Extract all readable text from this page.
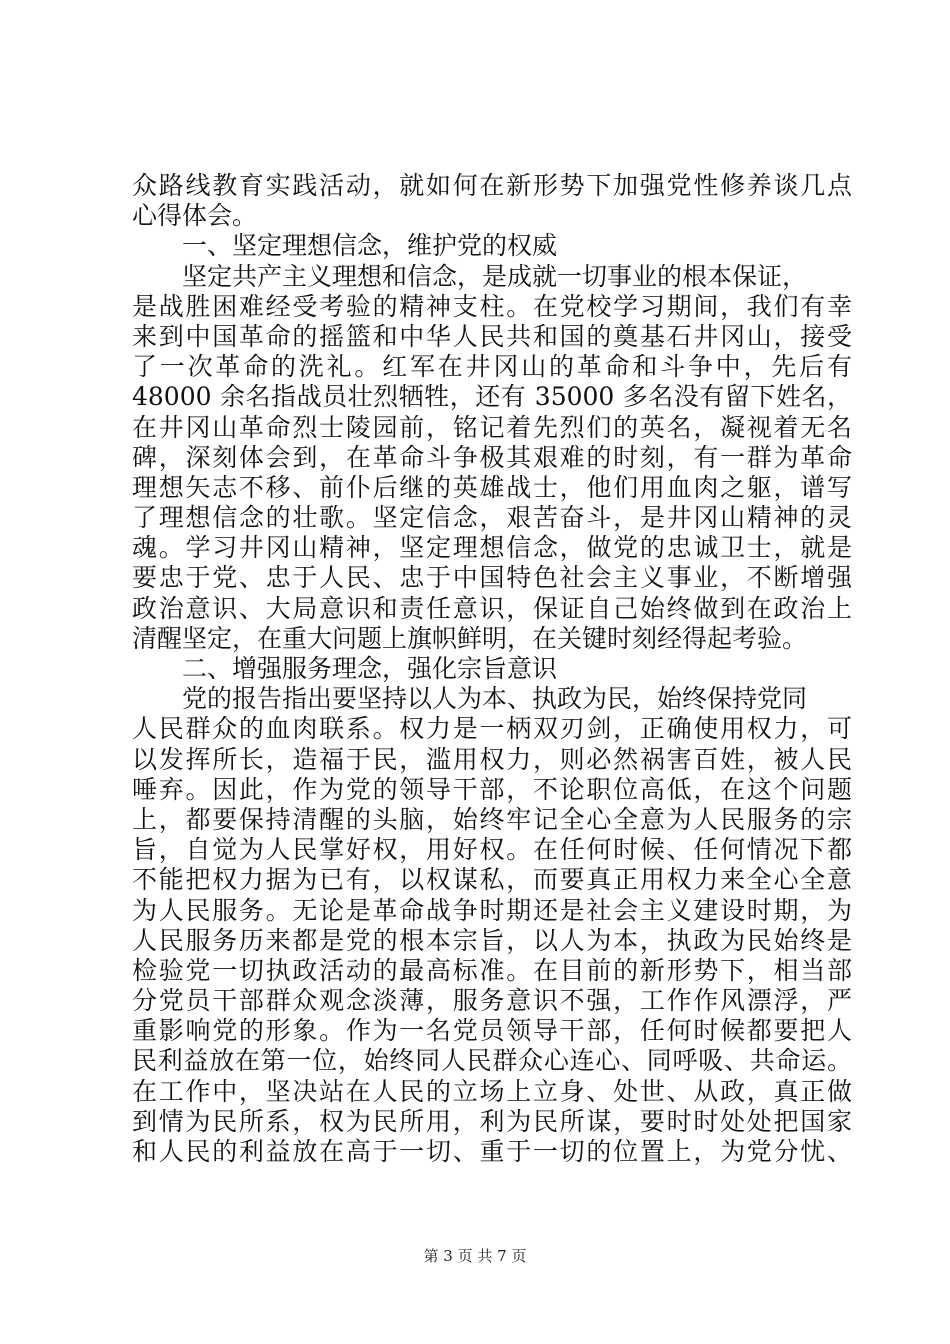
众路线教育实践活动，就如何在新形势下加强党性修养谈几点
心得体会。
一、坚定理想信念，维护党的权威
坚定共产主义理想和信念，是成就一切事业的根本保证，
是战胜困难经受考验的精神支柱。在党校学习期间，我们有幸
来到中国革命的摇篮和中华人民共和国的奠基石井冈山，接受
了一次革命的洗礼。红军在井冈山的革命和斗争中，先后有
48000 余名指战员壮烈牺牲，还有 35000 多名没有留下姓名，
在井冈山革命烈士陵园前，铭记着先烈们的英名，凝视着无名
碑，深刻体会到，在革命斗争极其艰难的时刻，有一群为革命
理想矢志不移、前仆后继的英雄战士，他们用血肉之躯，谱写
了理想信念的壮歌。坚定信念，艰苦奋斗，是井冈山精神的灵
魂。学习井冈山精神，坚定理想信念，做党的忠诚卫士，就是
要忠于党、忠于人民、忠于中国特色社会主义事业，不断增强
政治意识、大局意识和责任意识，保证自己始终做到在政治上
清醒坚定，在重大问题上旗帜鲜明，在关键时刻经得起考验。
二、增强服务理念，强化宗旨意识
党的报告指出要坚持以人为本、执政为民，始终保持党同
人民群众的血肉联系。权力是一柄双刃剑，正确使用权力，可
以发挥所长，造福于民，滥用权力，则必然祸害百姓，被人民
唾弃。因此，作为党的领导干部，不论职位高低，在这个问题
上，都要保持清醒的头脑，始终牢记全心全意为人民服务的宗
旨，自觉为人民掌好权，用好权。在任何时候、任何情况下都
不能把权力据为已有，以权谋私，而要真正用权力来全心全意
为人民服务。无论是革命战争时期还是社会主义建设时期，为
人民服务历来都是党的根本宗旨，以人为本，执政为民始终是
检验党一切执政活动的最高标准。在目前的新形势下，相当部
分党员干部群众观念淡薄，服务意识不强，工作作风漂浮，严
重影响党的形象。作为一名党员领导干部，任何时候都要把人
民利益放在第一位，始终同人民群众心连心、同呼吸、共命运。
在工作中，坚决站在人民的立场上立身、处世、从政，真正做
到情为民所系，权为民所用，利为民所谋，要时时处处把国家
和人民的利益放在高于一切、重于一切的位置上，为党分忧、
第 3 页 共 7 页
